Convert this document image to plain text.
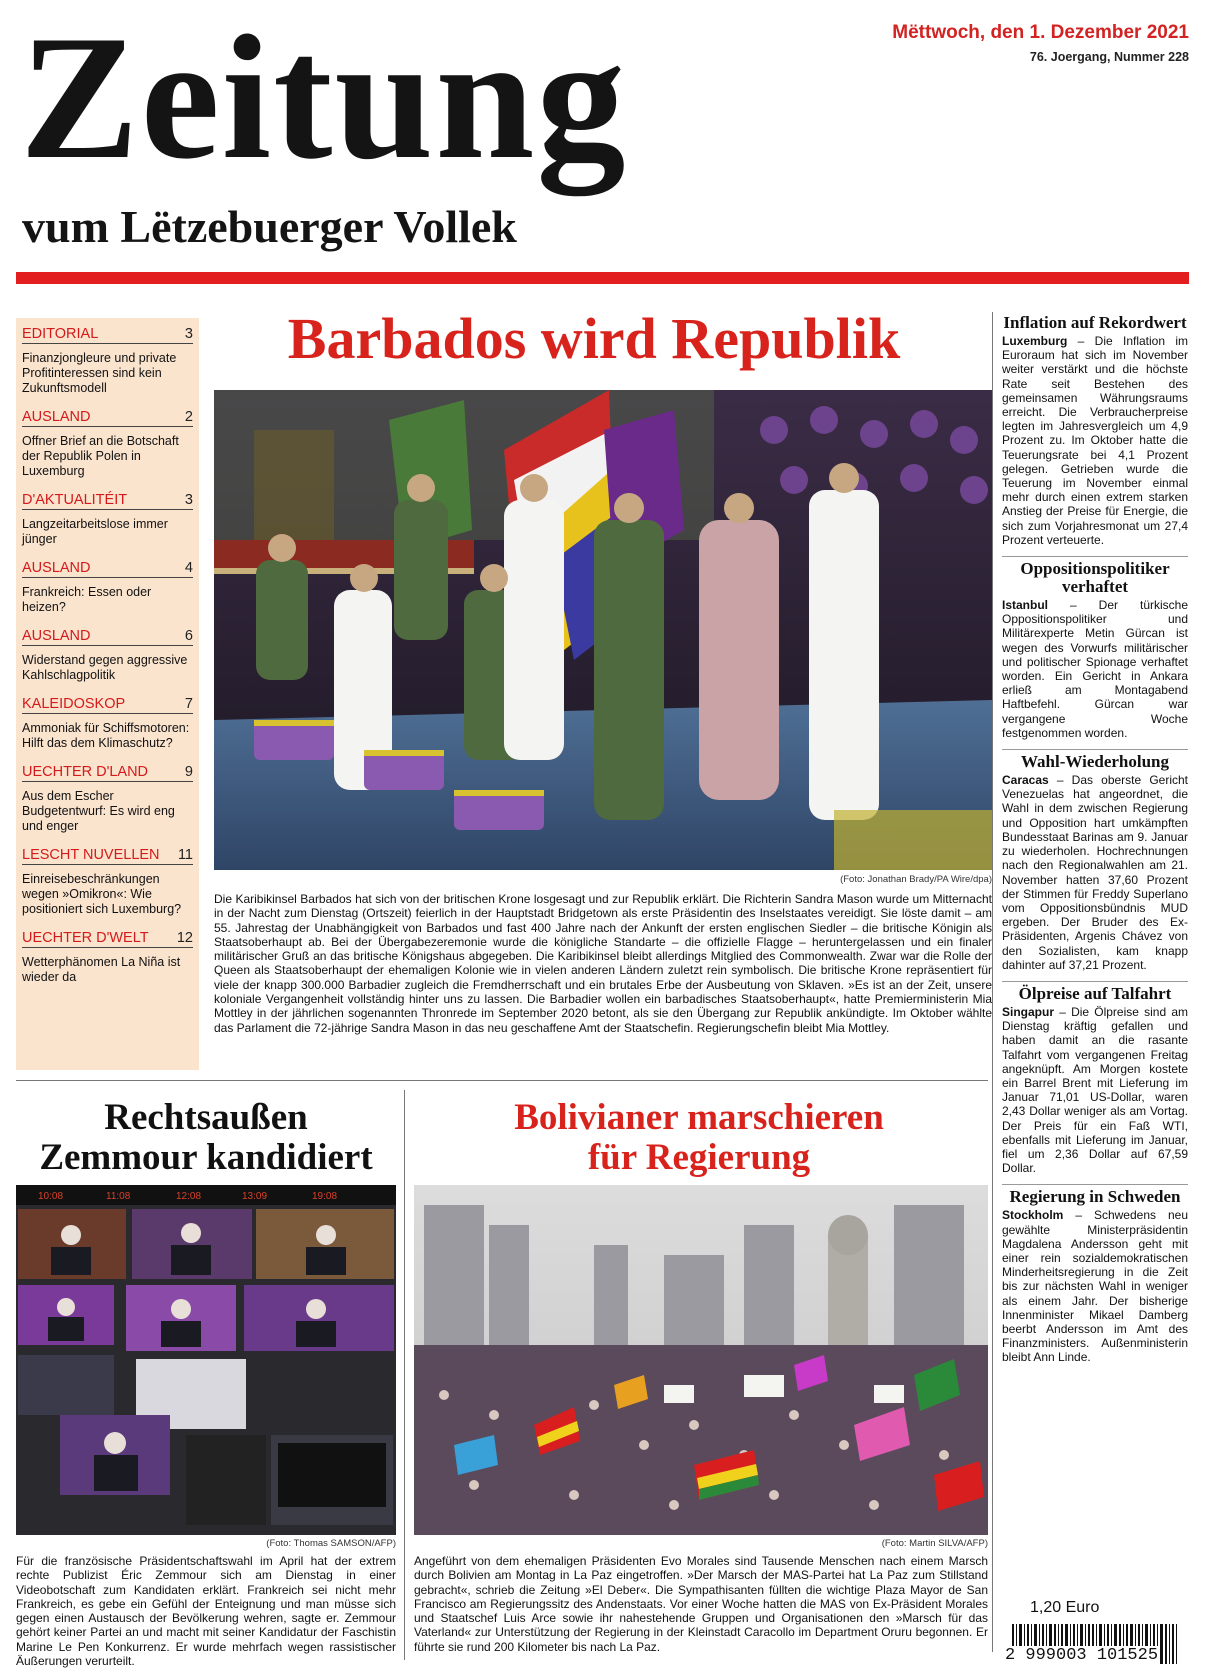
Zeitung
vum Lëtzebuerger Vollek
Mëttwoch, den 1. Dezember 2021
76. Joergang, Nummer 228
EDITORIAL	3
Finanzjongleure und private Profitinteressen sind kein Zukunftsmodell
AUSLAND	2
Offner Brief an die Botschaft der Republik Polen in Luxemburg
D'AKTUALITÉIT	3
Langzeitarbeitslose immer jünger
AUSLAND	4
Frankreich: Essen oder heizen?
AUSLAND	6
Widerstand gegen aggressive Kahlschlagpolitik
KALEIDOSKOP	7
Ammoniak für Schiffsmotoren: Hilft das dem Klimaschutz?
UECHTER D'LAND	9
Aus dem Escher Budgetentwurf: Es wird eng und enger
LESCHT NUVELLEN 11
Einreisebeschränkungen wegen »Omikron«: Wie positioniert sich Luxemburg?
UECHTER D'WELT 12
Wetterphänomen La Niña ist wieder da
Barbados wird Republik
(Foto: Jonathan Brady/PA Wire/dpa)
Die Karibikinsel Barbados hat sich von der britischen Krone losgesagt und zur Republik erklärt. Die Richterin Sandra Mason wurde um Mitternacht in der Nacht zum Dienstag (Ortszeit) feierlich in der Hauptstadt Bridgetown als erste Präsidentin des Inselstaates vereidigt. Sie löste damit – am 55. Jahrestag der Unabhängigkeit von Barbados und fast 400 Jahre nach der Ankunft der ersten englischen Siedler – die britische Königin als Staatsoberhaupt ab. Bei der Übergabezeremonie wurde die königliche Standarte – die offizielle Flagge – heruntergelassen und ein finaler militärischer Gruß an das britische Königshaus abgegeben. Die Karibikinsel bleibt allerdings Mitglied des Commonwealth. Zwar war die Rolle der Queen als Staatsoberhaupt der ehemaligen Kolonie wie in vielen anderen Ländern zuletzt rein symbolisch. Die britische Krone repräsentiert für viele der knapp 300.000 Barbadier zugleich die Fremdherrschaft und ein brutales Erbe der Ausbeutung von Sklaven. »Es ist an der Zeit, unsere koloniale Vergangenheit vollständig hinter uns zu lassen. Die Barbadier wollen ein barbadisches Staatsoberhaupt«, hatte Premierministerin Mia Mottley in der jährlichen sogenannten Thronrede im September 2020 betont, als sie den Übergang zur Republik ankündigte. Im Oktober wählte das Parlament die 72-jährige Sandra Mason in das neu geschaffene Amt der Staatschefin. Regierungschefin bleibt Mia Mottley.
Inflation auf Rekordwert
Luxemburg – Die Inflation im Euroraum hat sich im November weiter verstärkt und die höchste Rate seit Bestehen des gemeinsamen Währungsraums erreicht. Die Verbraucherpreise legten im Jahresvergleich um 4,9 Prozent zu. Im Oktober hatte die Teuerungsrate bei 4,1 Prozent gelegen. Getrieben wurde die Teuerung im November einmal mehr durch einen extrem starken Anstieg der Preise für Energie, die sich zum Vorjahresmonat um 27,4 Prozent verteuerte.
Oppositionspolitiker verhaftet
Istanbul – Der türkische Oppositionspolitiker und Militärexperte Metin Gürcan ist wegen des Vorwurfs militärischer und politischer Spionage verhaftet worden. Ein Gericht in Ankara erließ am Montagabend Haftbefehl. Gürcan war vergangene Woche festgenommen worden.
Wahl-Wiederholung
Caracas – Das oberste Gericht Venezuelas hat angeordnet, die Wahl in dem zwischen Regierung und Opposition hart umkämpften Bundesstaat Barinas am 9. Januar zu wiederholen. Hochrechnungen nach den Regionalwahlen am 21. November hatten 37,60 Prozent der Stimmen für Freddy Superlano vom Oppositionsbündnis MUD ergeben. Der Bruder des Ex-Präsidenten, Argenis Chávez von den Sozialisten, kam knapp dahinter auf 37,21 Prozent.
Ölpreise auf Talfahrt
Singapur – Die Ölpreise sind am Dienstag kräftig gefallen und haben damit an die rasante Talfahrt vom vergangenen Freitag angeknüpft. Am Morgen kostete ein Barrel Brent mit Lieferung im Januar 71,01 US-Dollar, waren 2,43 Dollar weniger als am Vortag. Der Preis für ein Faß WTI, ebenfalls mit Lieferung im Januar, fiel um 2,36 Dollar auf 67,59 Dollar.
Regierung in Schweden
Stockholm – Schwedens neu gewählte Ministerpräsidentin Magdalena Andersson geht mit einer rein sozialdemokratischen Minderheitsregierung in die Zeit bis zur nächsten Wahl in weniger als einem Jahr. Der bisherige Innenminister Mikael Damberg beerbt Andersson im Amt des Finanzministers. Außenministerin bleibt Ann Linde.
Rechtsaußen
Zemmour kandidiert
10:08	11:08	12:08	13:09	19:08
(Foto: Thomas SAMSON/AFP)
Für die französische Präsidentschaftswahl im April hat der extrem rechte Publizist Éric Zemmour sich am Dienstag in einer Videobotschaft zum Kandidaten erklärt. Frankreich sei nicht mehr Frankreich, es gebe ein Gefühl der Enteignung und man müsse sich gegen einen Austausch der Bevölkerung wehren, sagte er. Zemmour gehört keiner Partei an und macht mit seiner Kandidatur der Faschistin Marine Le Pen Konkurrenz. Er wurde mehrfach wegen rassistischer Äußerungen verurteilt.
Bolivianer marschieren
für Regierung
(Foto: Martin SILVA/AFP)
Angeführt von dem ehemaligen Präsidenten Evo Morales sind Tausende Menschen nach einem Marsch durch Bolivien am Montag in La Paz eingetroffen. »Der Marsch der MAS-Partei hat La Paz zum Stillstand gebracht«, schrieb die Zeitung »El Deber«. Die Sympathisanten füllten die wichtige Plaza Mayor de San Francisco am Regierungssitz des Andenstaats. Vor einer Woche hatten die MAS von Ex-Präsident Morales und Staatschef Luis Arce sowie ihr nahestehende Gruppen und Organisationen den »Marsch für das Vaterland« zur Unterstützung der Regierung in der Kleinstadt Caracollo im Department Oruru begonnen. Er führte sie rund 200 Kilometer bis nach La Paz.
1,20 Euro
2 999003 101525
